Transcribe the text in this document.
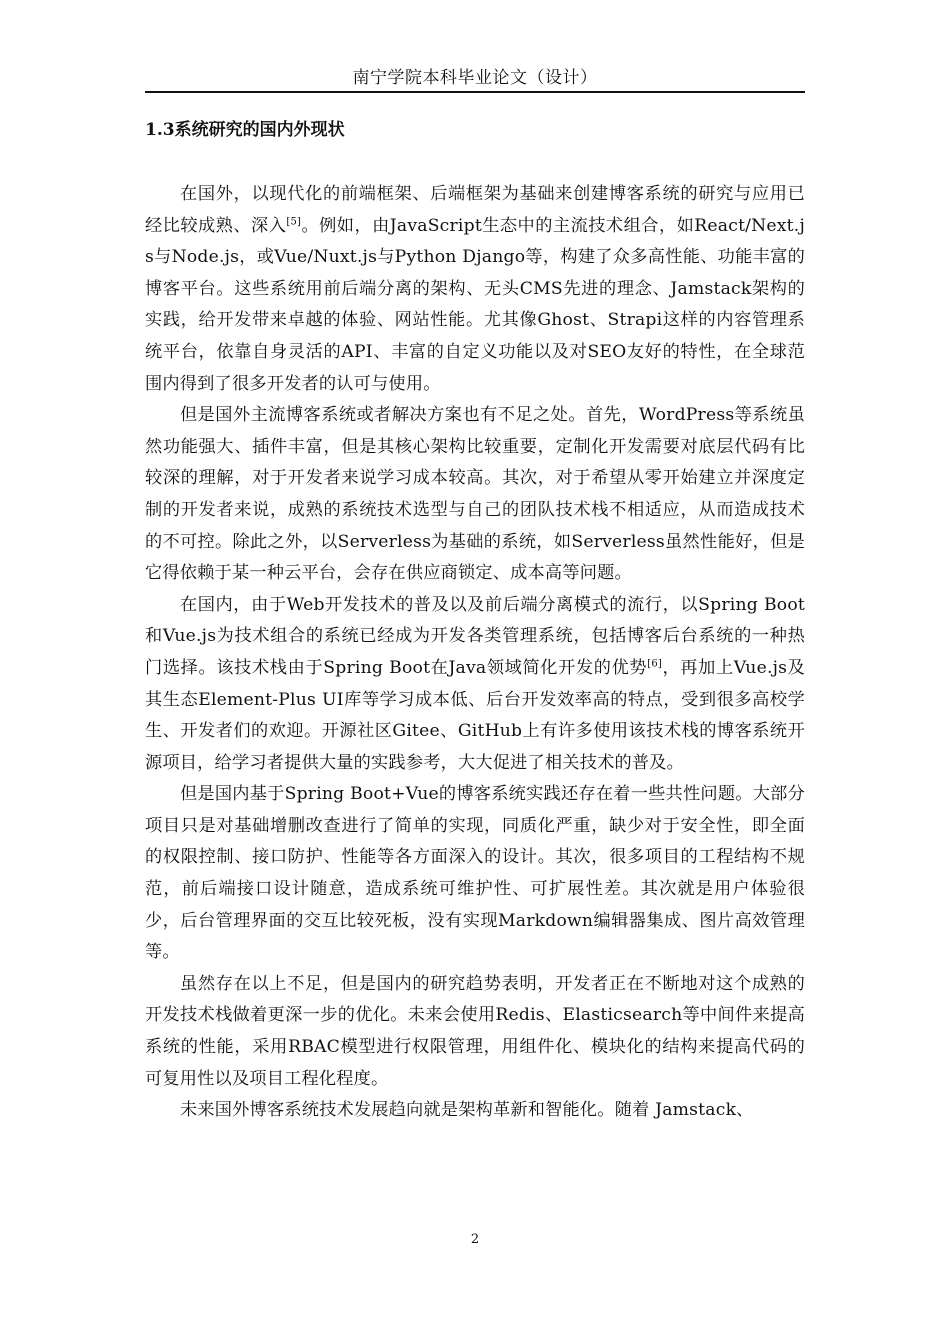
南宁学院本科毕业论文（设计）
1.3系统研究的国内外现状

在国外，以现代化的前端框架、后端框架为基础来创建博客系统的研究与应用已经比较成熟、深入[5]。例如，由JavaScript生态中的主流技术组合，如React/Next.js与Node.js，或Vue/Nuxt.js与Python Django等，构建了众多高性能、功能丰富的博客平台。这些系统用前后端分离的架构、无头CMS先进的理念、Jamstack架构的实践，给开发带来卓越的体验、网站性能。尤其像Ghost、Strapi这样的内容管理系统平台，依靠自身灵活的API、丰富的自定义功能以及对SEO友好的特性，在全球范围内得到了很多开发者的认可与使用。

但是国外主流博客系统或者解决方案也有不足之处。首先，WordPress等系统虽然功能强大、插件丰富，但是其核心架构比较重要，定制化开发需要对底层代码有比较深的理解，对于开发者来说学习成本较高。其次，对于希望从零开始建立并深度定制的开发者来说，成熟的系统技术选型与自己的团队技术栈不相适应，从而造成技术的不可控。除此之外，以Serverless为基础的系统，如Serverless虽然性能好，但是它得依赖于某一种云平台，会存在供应商锁定、成本高等问题。

在国内，由于Web开发技术的普及以及前后端分离模式的流行，以Spring Boot和Vue.js为技术组合的系统已经成为开发各类管理系统，包括博客后台系统的一种热门选择。该技术栈由于Spring Boot在Java领域简化开发的优势[6]，再加上Vue.js及其生态Element-Plus UI库等学习成本低、后台开发效率高的特点，受到很多高校学生、开发者们的欢迎。开源社区Gitee、GitHub上有许多使用该技术栈的博客系统开源项目，给学习者提供大量的实践参考，大大促进了相关技术的普及。

但是国内基于Spring Boot+Vue的博客系统实践还存在着一些共性问题。大部分项目只是对基础增删改查进行了简单的实现，同质化严重，缺少对于安全性，即全面的权限控制、接口防护、性能等各方面深入的设计。其次，很多项目的工程结构不规范，前后端接口设计随意，造成系统可维护性、可扩展性差。其次就是用户体验很少，后台管理界面的交互比较死板，没有实现Markdown编辑器集成、图片高效管理等。

虽然存在以上不足，但是国内的研究趋势表明，开发者正在不断地对这个成熟的开发技术栈做着更深一步的优化。未来会使用Redis、Elasticsearch等中间件来提高系统的性能，采用RBAC模型进行权限管理，用组件化、模块化的结构来提高代码的可复用性以及项目工程化程度。

未来国外博客系统技术发展趋向就是架构革新和智能化。随着 Jamstack、

2
